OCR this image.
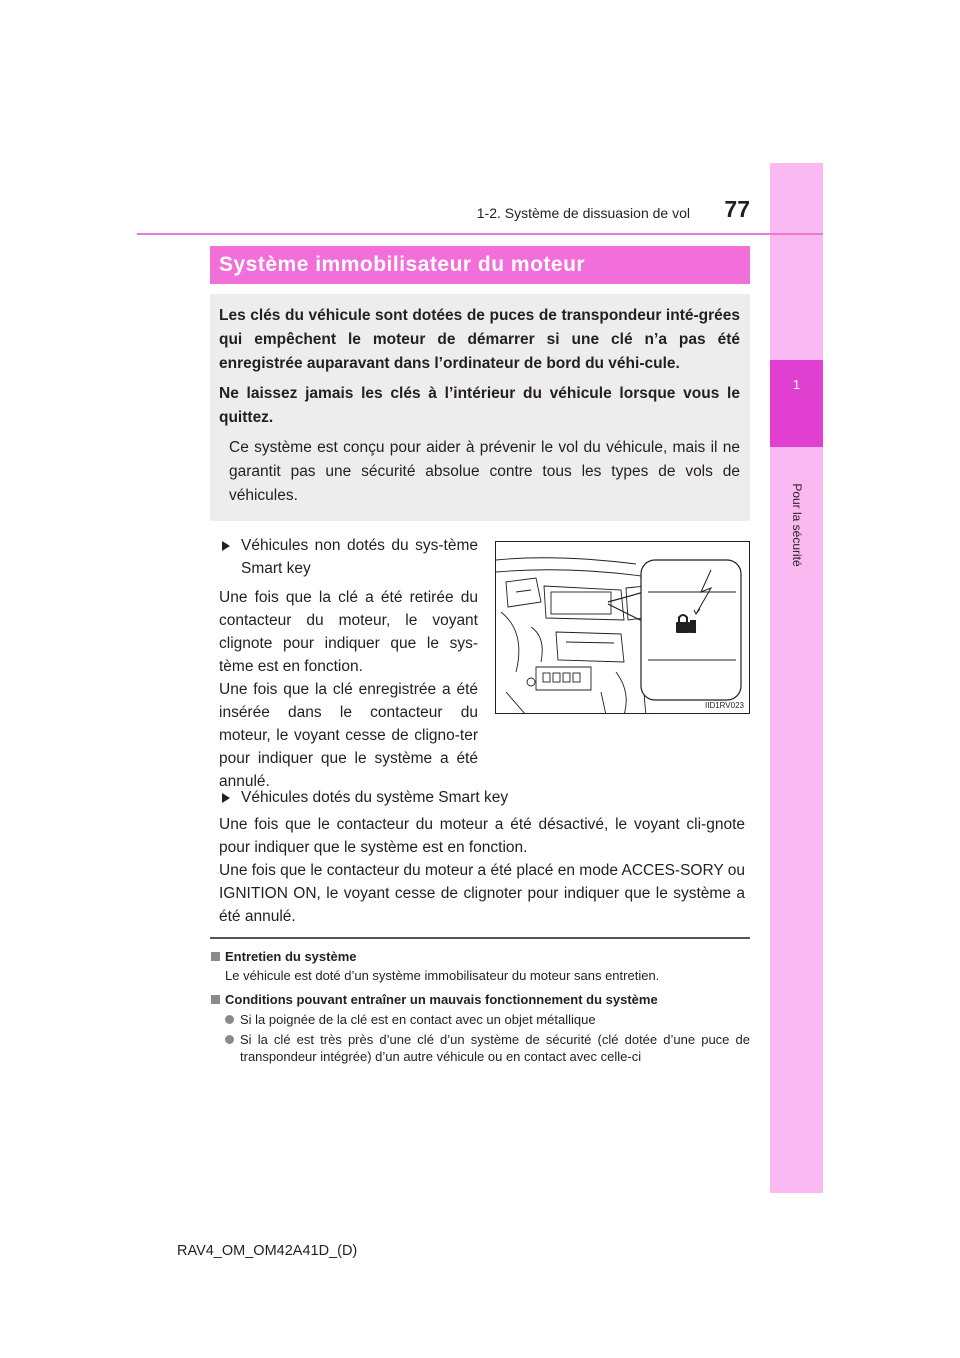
1
Pour la sécurité
1-2. Système de dissuasion de vol	77
Système immobilisateur du moteur

Les clés du véhicule sont dotées de puces de transpondeur inté-grées qui empêchent le moteur de démarrer si une clé n’a pas été enregistrée auparavant dans l’ordinateur de bord du véhi-cule.

Ne laissez jamais les clés à l’intérieur du véhicule lorsque vous le quittez.

Ce système est conçu pour aider à prévenir le vol du véhicule, mais il ne garantit pas une sécurité absolue contre tous les types de vols de véhicules.

Véhicules non dotés du sys-tème Smart key

Une fois que la clé a été retirée du contacteur du moteur, le voyant clignote pour indiquer que le sys-tème est en fonction.

Une fois que la clé enregistrée a été insérée dans le contacteur du moteur, le voyant cesse de cligno-ter pour indiquer que le système a été annulé.

IID1RV023

Véhicules dotés du système Smart key

Une fois que le contacteur du moteur a été désactivé, le voyant cli-gnote pour indiquer que le système est en fonction.

Une fois que le contacteur du moteur a été placé en mode ACCES-SORY ou IGNITION ON, le voyant cesse de clignoter pour indiquer que le système a été annulé.

Entretien du système
Le véhicule est doté d’un système immobilisateur du moteur sans entretien.
Conditions pouvant entraîner un mauvais fonctionnement du système
Si la poignée de la clé est en contact avec un objet métallique
Si la clé est très près d’une clé d’un système de sécurité (clé dotée d’une puce de transpondeur intégrée) d’un autre véhicule ou en contact avec celle-ci
RAV4_OM_OM42A41D_(D)
